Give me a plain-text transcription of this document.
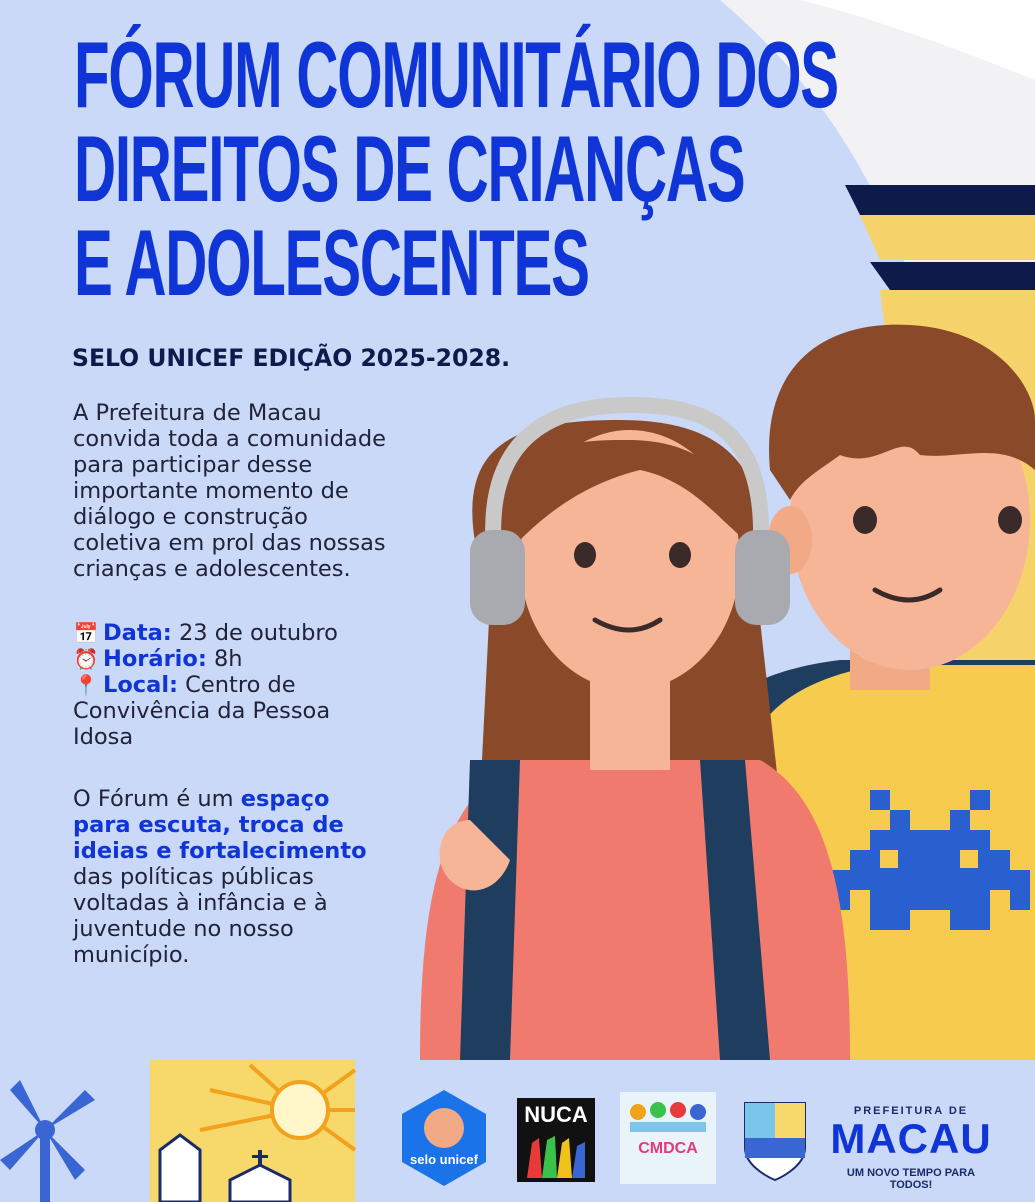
FÓRUM COMUNITÁRIO DOS
DIREITOS DE CRIANÇAS
E ADOLESCENTES

SELO UNICEF EDIÇÃO 2025-2028.

A Prefeitura de Macau
convida toda a comunidade
para participar desse
importante momento de
diálogo e construção
coletiva em prol das nossas
crianças e adolescentes.

📅 Data: 23 de outubro
⏰ Horário: 8h
📍 Local: Centro de
Convivência da Pessoa
Idosa

O Fórum é um espaço
para escuta, troca de
ideias e fortalecimento
das políticas públicas
voltadas à infância e à
juventude no nosso
município.

selo unicef
NUCA
CMDCA
PREFEITURA DE
MACAU
UM NOVO TEMPO PARA TODOS!
